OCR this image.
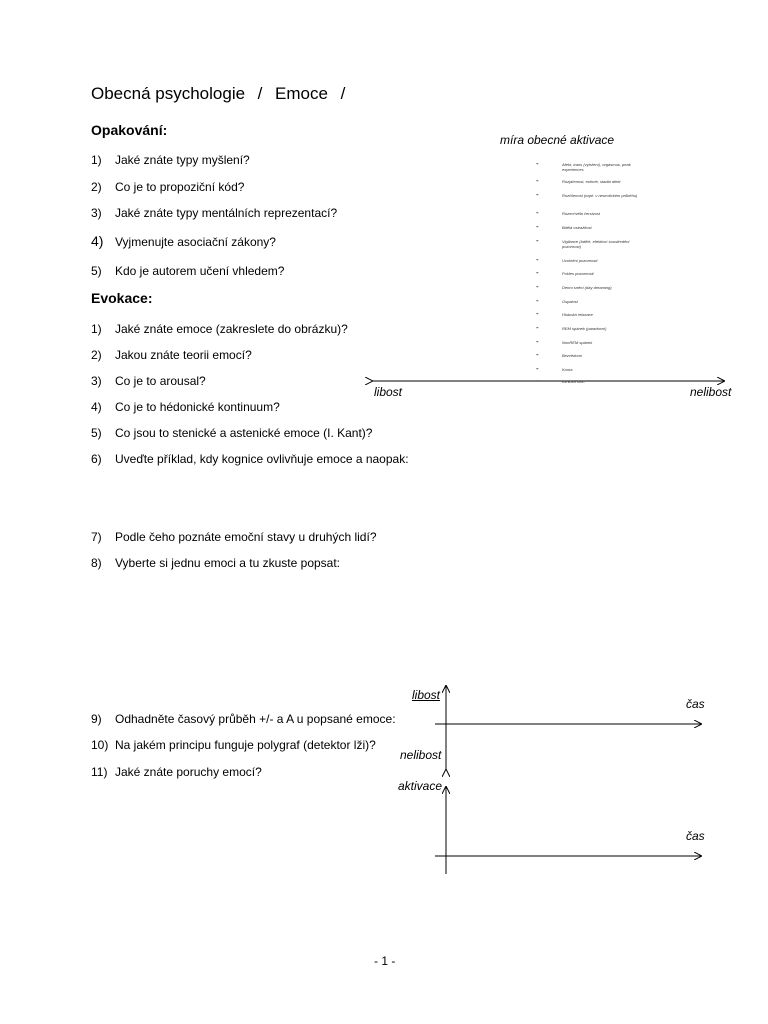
Obecná psychologie / Emoce /
Opakování:
1) Jaké znáte typy myšlení?
2) Co je to propoziční kód?
3) Jaké znáte typy mentálních reprezentací?
4) Vyjmenujte asociační zákony?
5) Kdo je autorem učení vhledem?
Evokace:
1) Jaké znáte emoce (zakreslete do obrázku)?
2) Jakou znáte teorii emocí?
3) Co je to arousal?
4) Co je to hédonické kontinuum?
5) Co jsou to stenické a astenické emoce (I. Kant)?
6) Uveďte příklad, kdy kognice ovlivňuje emoce a naopak:
7) Podle čeho poznáte emoční stavy u druhých lidí?
8) Vyberte si jednu emoci a tu zkuste popsat:
9) Odhadněte časový průběh +/- a A u popsané emoce:
10) Na jakém principu funguje polygraf (detektor lži)?
11) Jaké znáte poruchy emocí?
míra obecné aktivace
libost	nelibost
-	Afekt, trans (vytržení), orgasmus, peak experiences
-	Rozjařenost, euforie, stadiá afekt
-	Rozčilenost (např. v neurotickém průběhu)
-	Rozechvělá čerstvost
-	Bdělá ostražitost
-	Vigilance (bdělé, efektivní soustředění pozornost)
-	Uvolnění pozornosti
-	Pokles pozornosti
-	Denní snění (day dreaming)
-	Ospalost
-	Hluboká relaxace
-	REM spánek (paradoxní)
-	NonREM spánek
-	Bezvědomí
-	Koma
-	Klinická smrt
libost
nelibost
čas
aktivace
čas
- 1 -
